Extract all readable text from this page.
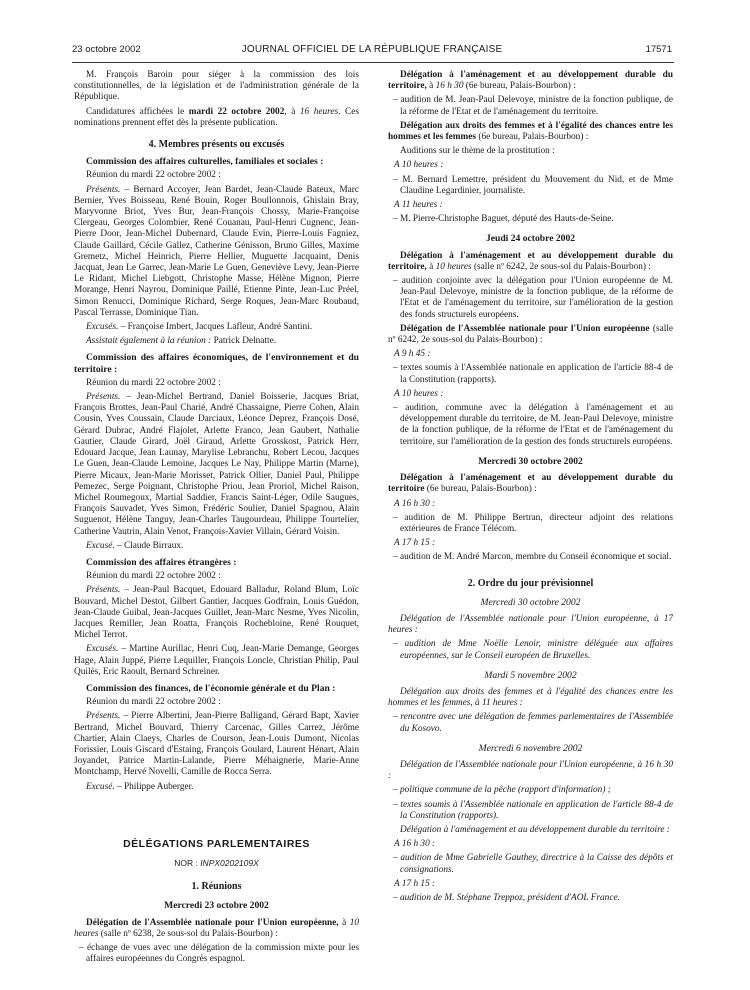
23 octobre 2002	JOURNAL OFFICIEL DE LA RÉPUBLIQUE FRANÇAISE	17571

M. François Baroin pour siéger à la commission des lois constitutionnelles, de la législation et de l'administration générale de la République.

Candidatures affichées le mardi 22 octobre 2002, à 16 heures. Ces nominations prennent effet dès la présente publication.

4. Membres présents ou excusés

Commission des affaires culturelles, familiales et sociales :

Réunion du mardi 22 octobre 2002 :

Présents. – Bernard Accoyer, Jean Bardet, Jean-Claude Bateux, Marc Bernier, Yves Boisseau, René Bouin, Roger Boullonnois, Ghislain Bray, Maryvonne Briot, Yves Bur, Jean-François Chossy, Marie-Françoise Clergeau, Georges Colombier, René Couanau, Paul-Henri Cugnenc, Jean-Pierre Door, Jean-Michel Dubernard, Claude Evin, Pierre-Louis Fagniez, Claude Gaillard, Cécile Gallez, Catherine Génisson, Bruno Gilles, Maxime Gremetz, Michel Heinrich, Pierre Hellier, Muguette Jacquaint, Denis Jacquat, Jean Le Garrec, Jean-Marie Le Guen, Geneviève Levy, Jean-Pierre Le Ridant, Michel Liebgott, Christophe Masse, Hélène Mignon, Pierre Morange, Henri Nayrou, Dominique Paillé, Etienne Pinte, Jean-Luc Préel, Simon Renucci, Dominique Richard, Serge Roques, Jean-Marc Roubaud, Pascal Terrasse, Dominique Tian.

Excusés. – Françoise Imbert, Jacques Lafleur, André Santini.

Assistait également à la réunion : Patrick Delnatte.

Commission des affaires économiques, de l'environnement et du territoire :

Réunion du mardi 22 octobre 2002 :

Présents. – Jean-Michel Bertrand, Daniel Boisserie, Jacques Briat, François Brottes, Jean-Paul Charié, André Chassaigne, Pierre Cohen, Alain Cousin, Yves Coussain, Claude Darciaux, Léonce Deprez, François Dosé, Gérard Dubrac, André Flajolet, Arlette Franco, Jean Gaubert, Nathalie Gautier, Claude Girard, Joël Giraud, Arlette Grosskost, Patrick Herr, Edouard Jacque, Jean Launay, Marylise Lebranchu, Robert Lecou, Jacques Le Guen, Jean-Claude Lemoine, Jacques Le Nay, Philippe Martin (Marne), Pierre Micaux, Jean-Marie Morisset, Patrick Ollier, Daniel Paul, Philippe Pemezec, Serge Poignant, Christophe Priou, Jean Proriol, Michel Raison, Michel Roumegoux, Martial Saddier, Francis Saint-Léger, Odile Saugues, François Sauvadet, Yves Simon, Frédéric Soulier, Daniel Spagnou, Alain Suguenot, Hélène Tanguy, Jean-Charles Taugourdeau, Philippe Tourtelier, Catherine Vautrin, Alain Venot, François-Xavier Villain, Gérard Voisin.

Excusé. – Claude Birraux.

Commission des affaires étrangères :

Réunion du mardi 22 octobre 2002 :

Présents. – Jean-Paul Bacquet, Edouard Balladur, Roland Blum, Loïc Bouvard, Michel Destot, Gilbert Gantier, Jacques Godfrain, Louis Guédon, Jean-Claude Guibal, Jean-Jacques Guillet, Jean-Marc Nesme, Yves Nicolin, Jacques Remiller, Jean Roatta, François Rochebloine, René Rouquet, Michel Terrot.

Excusés. – Martine Aurillac, Henri Cuq, Jean-Marie Demange, Georges Hage, Alain Juppé, Pierre Lequiller, François Loncle, Christian Philip, Paul Quilès, Eric Raoult, Bernard Schreiner.

Commission des finances, de l'économie générale et du Plan :

Réunion du mardi 22 octobre 2002 :

Présents. – Pierre Albertini, Jean-Pierre Balligand, Gérard Bapt, Xavier Bertrand, Michel Bouvard, Thierry Carcenac, Gilles Carrez, Jérôme Chartier, Alain Claeys, Charles de Courson, Jean-Louis Dumont, Nicolas Forissier, Louis Giscard d'Estaing, François Goulard, Laurent Hénart, Alain Joyandet, Patrice Martin-Lalande, Pierre Méhaignerie, Marie-Anne Montchamp, Hervé Novelli, Camille de Rocca Serra.

Excusé. – Philippe Auberger.

DÉLÉGATIONS PARLEMENTAIRES

NOR : INPX0202109X

1. Réunions

Mercredi 23 octobre 2002

Délégation de l'Assemblée nationale pour l'Union européenne, à 10 heures (salle nº 6238, 2e sous-sol du Palais-Bourbon) :

– échange de vues avec une délégation de la commission mixte pour les affaires européennes du Congrès espagnol.

Délégation à l'aménagement et au développement durable du territoire, à 16 h 30 (6e bureau, Palais-Bourbon) :

– audition de M. Jean-Paul Delevoye, ministre de la fonction publique, de la réforme de l'Etat et de l'aménagement du territoire.

Délégation aux droits des femmes et à l'égalité des chances entre les hommes et les femmes (6e bureau, Palais-Bourbon) :

Auditions sur le thème de la prostitution :

A 10 heures :

– M. Bernard Lemettre, président du Mouvement du Nid, et de Mme Claudine Legardinier, journaliste.

A 11 heures :

– M. Pierre-Christophe Baguet, député des Hauts-de-Seine.

Jeudi 24 octobre 2002

Délégation à l'aménagement et au développement durable du territoire, à 10 heures (salle nº 6242, 2e sous-sol du Palais-Bourbon) :

– audition conjointe avec la délégation pour l'Union européenne de M. Jean-Paul Delevoye, ministre de la fonction publique, de la réforme de l'Etat et de l'aménagement du territoire, sur l'amélioration de la gestion des fonds structurels européens.

Délégation de l'Assemblée nationale pour l'Union européenne (salle nº 6242, 2e sous-sol du Palais-Bourbon) :

A 9 h 45 :

– textes soumis à l'Assemblée nationale en application de l'article 88-4 de la Constitution (rapports).

A 10 heures :

– audition, commune avec la délégation à l'aménagement et au développement durable du territoire, de M. Jean-Paul Delevoye, ministre de la fonction publique, de la réforme de l'Etat et de l'aménagement du territoire, sur l'amélioration de la gestion des fonds structurels européens.

Mercredi 30 octobre 2002

Délégation à l'aménagement et au développement durable du territoire (6e bureau, Palais-Bourbon) :

A 16 h 30 :

– audition de M. Philippe Bertran, directeur adjoint des relations extérieures de France Télécom.

A 17 h 15 :

– audition de M. André Marcon, membre du Conseil économique et social.

2. Ordre du jour prévisionnel

Mercredi 30 octobre 2002

Délégation de l'Assemblée nationale pour l'Union européenne, à 17 heures :

– audition de Mme Noëlle Lenoir, ministre déléguée aux affaires européennes, sur le Conseil européen de Bruxelles.

Mardi 5 novembre 2002

Délégation aux droits des femmes et à l'égalité des chances entre les hommes et les femmes, à 11 heures :

– rencontre avec une délégation de femmes parlementaires de l'Assemblée du Kosovo.

Mercredi 6 novembre 2002

Délégation de l'Assemblée nationale pour l'Union européenne, à 16 h 30 :

– politique commune de la pêche (rapport d'information) ;

– textes soumis à l'Assemblée nationale en application de l'article 88-4 de la Constitution (rapports).

Délégation à l'aménagement et au développement durable du territoire :

A 16 h 30 :

– audition de Mme Gabrielle Gauthey, directrice à la Caisse des dépôts et consignations.

A 17 h 15 :

– audition de M. Stéphane Treppoz, président d'AOL France.
